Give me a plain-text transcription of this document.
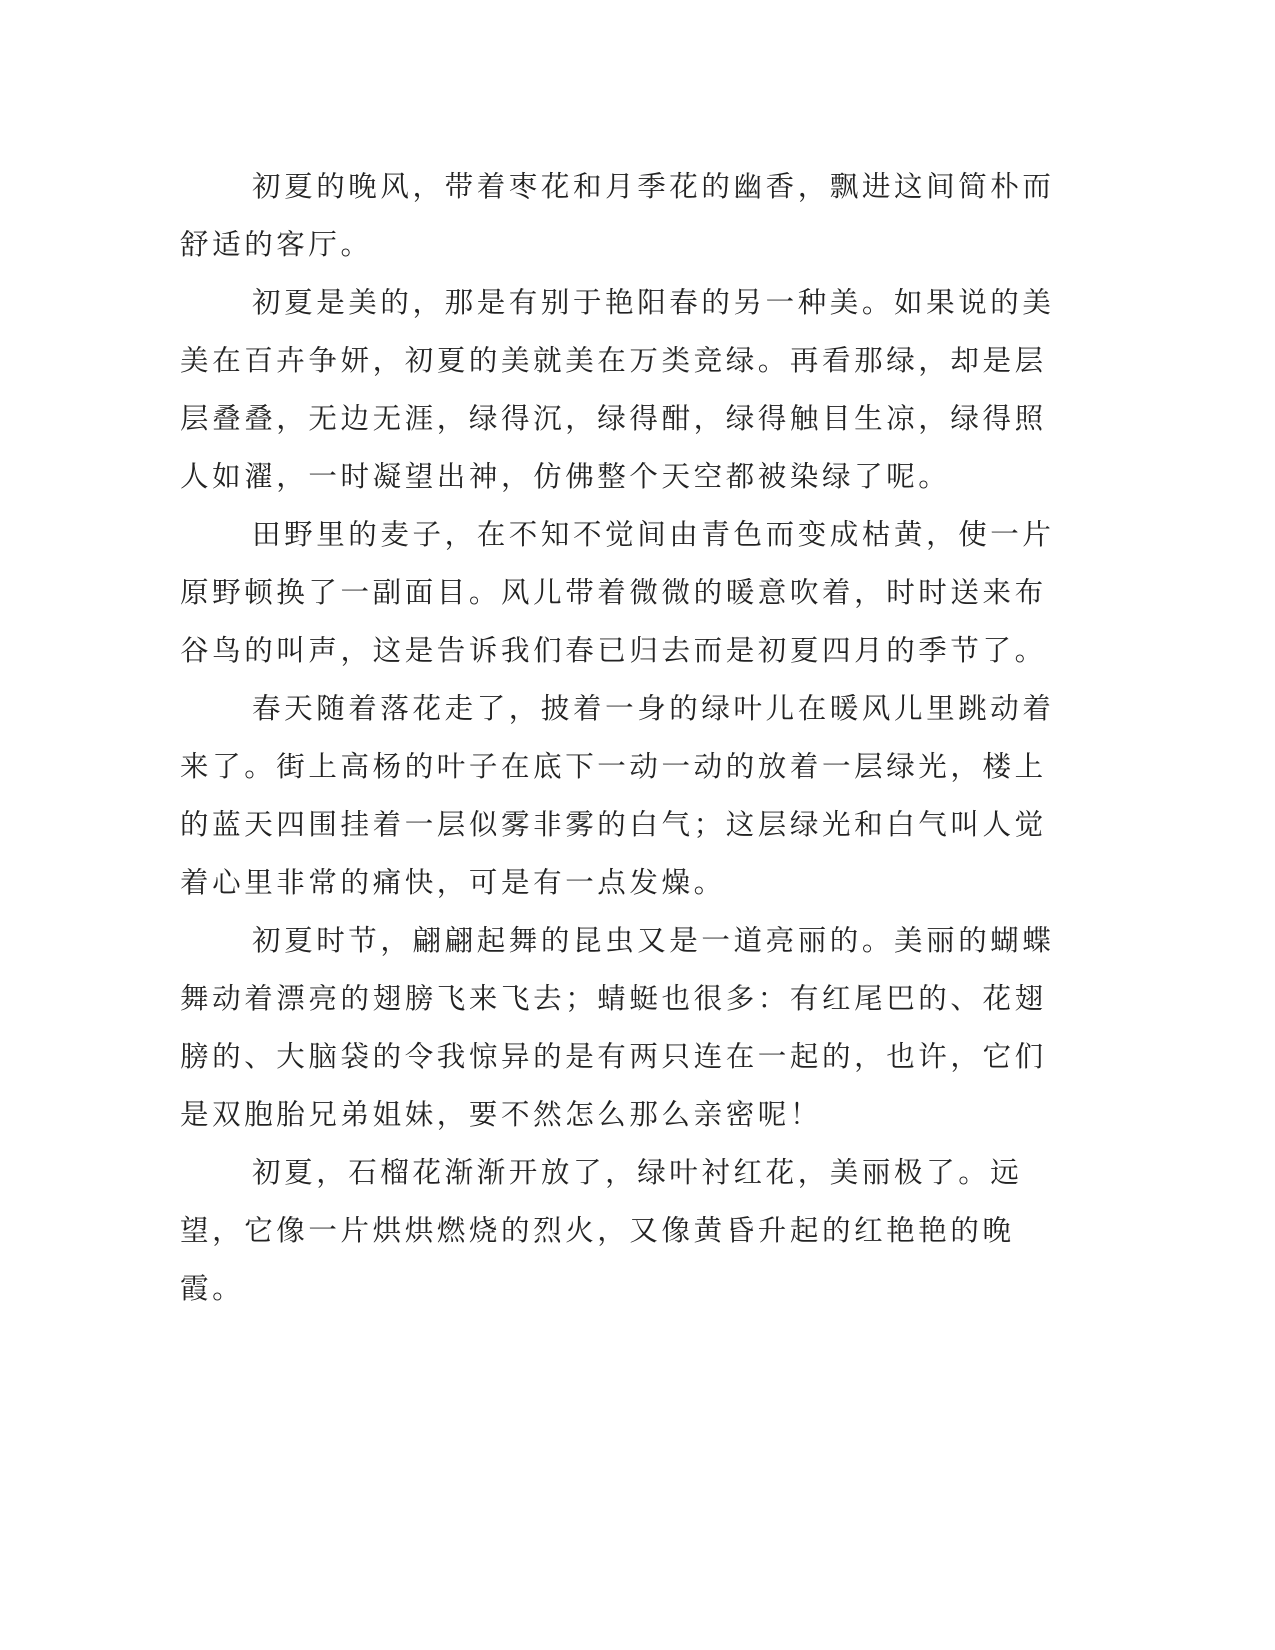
初夏的晚风，带着枣花和月季花的幽香，飘进这间简朴而舒适的客厅。

初夏是美的，那是有别于艳阳春的另一种美。如果说的美美在百卉争妍，初夏的美就美在万类竞绿。再看那绿，却是层层叠叠，无边无涯，绿得沉，绿得酣，绿得触目生凉，绿得照人如濯，一时凝望出神，仿佛整个天空都被染绿了呢。

田野里的麦子，在不知不觉间由青色而变成枯黄，使一片原野顿换了一副面目。风儿带着微微的暖意吹着，时时送来布谷鸟的叫声，这是告诉我们春已归去而是初夏四月的季节了。

春天随着落花走了，披着一身的绿叶儿在暖风儿里跳动着来了。街上高杨的叶子在底下一动一动的放着一层绿光，楼上的蓝天四围挂着一层似雾非雾的白气；这层绿光和白气叫人觉着心里非常的痛快，可是有一点发燥。

初夏时节，翩翩起舞的昆虫又是一道亮丽的。美丽的蝴蝶舞动着漂亮的翅膀飞来飞去；蜻蜓也很多：有红尾巴的、花翅膀的、大脑袋的令我惊异的是有两只连在一起的，也许，它们是双胞胎兄弟姐妹，要不然怎么那么亲密呢！

初夏，石榴花渐渐开放了，绿叶衬红花，美丽极了。远望，它像一片烘烘燃烧的烈火，又像黄昏升起的红艳艳的晚霞。
